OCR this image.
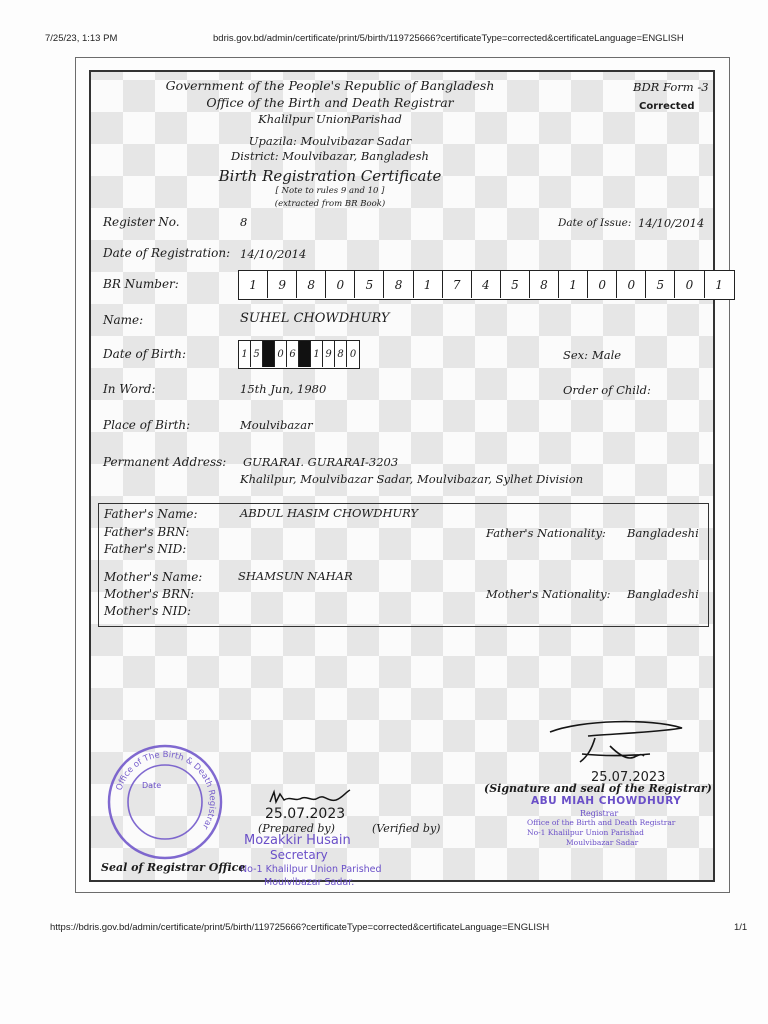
7/25/23, 1:13 PM	bdris.gov.bd/admin/certificate/print/5/birth/119725666?certificateType=corrected&certificateLanguage=ENGLISH
https://bdris.gov.bd/admin/certificate/print/5/birth/119725666?certificateType=corrected&certificateLanguage=ENGLISH	1/1
Government of the People's Republic of Bangladesh
Office of the Birth and Death Registrar
Khalilpur UnionParishad
Upazila: Moulvibazar Sadar
District: Moulvibazar, Bangladesh
Birth Registration Certificate
[ Note to rules 9 and 10 ]
(extracted from BR Book)
BDR Form -3
Corrected
Register No.	8	Date of Issue: 14/10/2014
Date of Registration: 14/10/2014
BR Number:	1	9	8	0	5	8	1	7	4	5	8	1	0	0	5	0	1
Name:	SUHEL CHOWDHURY
Date of Birth:	1 5	0 6	1 9 8 0	Sex: Male
In Word:	15th Jun, 1980	Order of Child:
Place of Birth:	Moulvibazar
Permanent Address: GURARAI. GURARAI-3203
Khalilpur, Moulvibazar Sadar, Moulvibazar, Sylhet Division
Father's Name:	ABDUL HASIM CHOWDHURY
Father's BRN:
Father's NID:
Father's Nationality: Bangladeshi
Mother's Name:	SHAMSUN NAHAR
Mother's BRN:
Mother's NID:
Mother's Nationality: Bangladeshi
25.07.2023
(Signature and seal of the Registrar)
ABU MIAH CHOWDHURY
Registrar
Office of the Birth and Death Registrar
No-1 Khalilpur Union Parishad
Moulvibazar Sadar
25.07.2023
(Prepared by)	(Verified by)
Mozakkir Husain
Secretary
No-1 Khalilpur Union Parished
Moulvibazar Sadar.
Office of The Birth & Death Registrar
Date
Seal of Registrar Office
